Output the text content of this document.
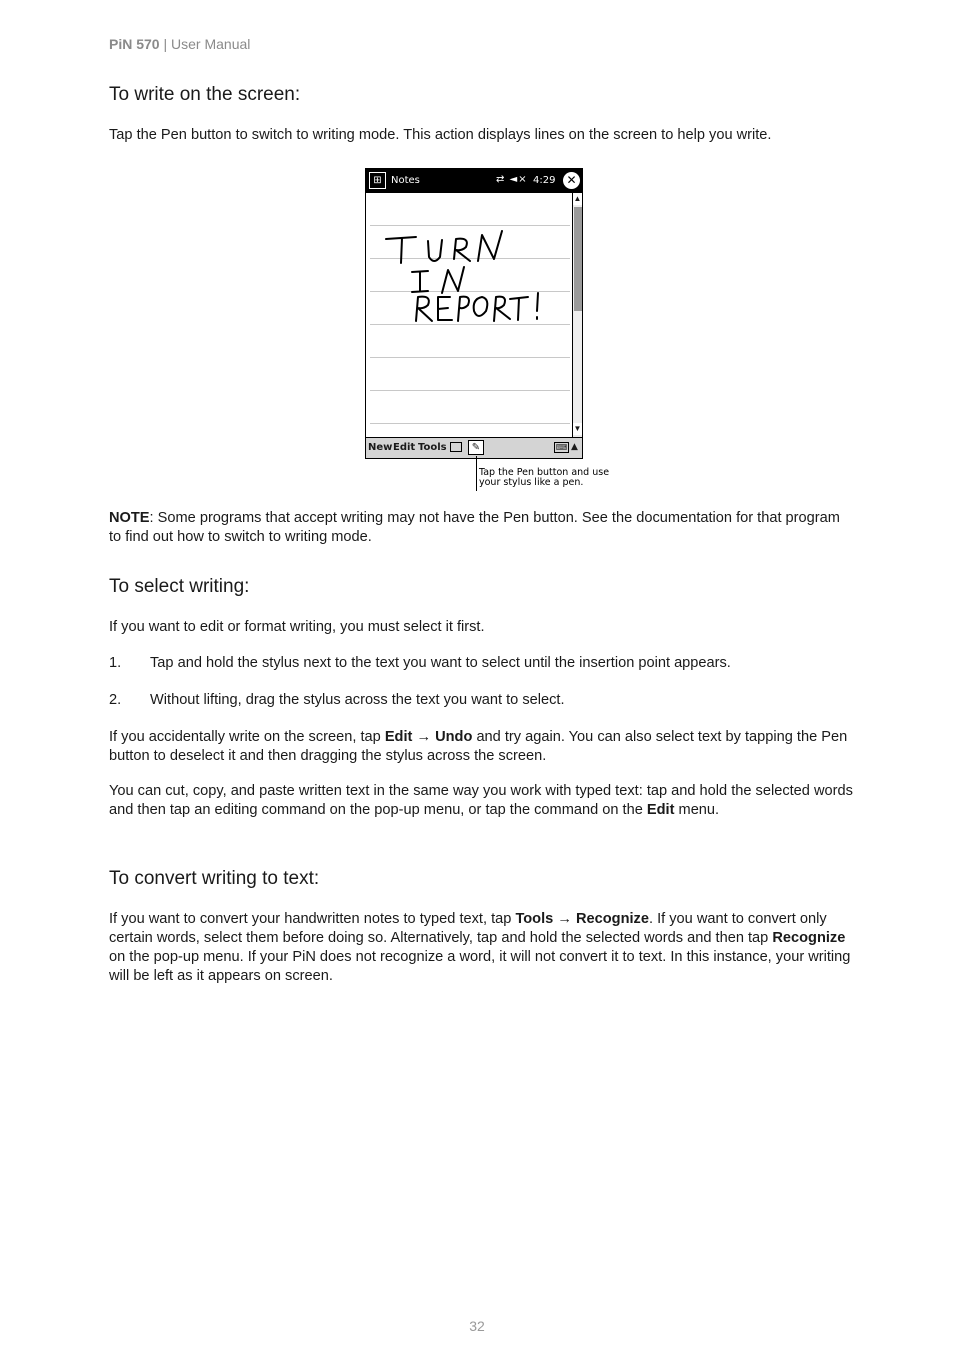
PiN 570 | User Manual
To write on the screen:

Tap the Pen button to switch to writing mode. This action displays lines on the screen to help you write.

⊞ Notes	⇄ ◄× 4:29 ✕
▲
▼
New Edit Tools	✎	⌨ ▲
Tap the Pen button and use your stylus like a pen.

NOTE: Some programs that accept writing may not have the Pen button. See the documentation for that program to find out how to switch to writing mode.

To select writing:

If you want to edit or format writing, you must select it first.

1.	Tap and hold the stylus next to the text you want to select until the insertion point appears.

2.	Without lifting, drag the stylus across the text you want to select.

If you accidentally write on the screen, tap Edit → Undo and try again. You can also select text by tapping the Pen button to deselect it and then dragging the stylus across the screen.

You can cut, copy, and paste written text in the same way you work with typed text: tap and hold the selected words and then tap an editing command on the pop-up menu, or tap the command on the Edit menu.

To convert writing to text:

If you want to convert your handwritten notes to typed text, tap Tools → Recognize. If you want to convert only certain words, select them before doing so. Alternatively, tap and hold the selected words and then tap Recognize on the pop-up menu. If your PiN does not recognize a word, it will not convert it to text. In this instance, your writing will be left as it appears on screen.

32
